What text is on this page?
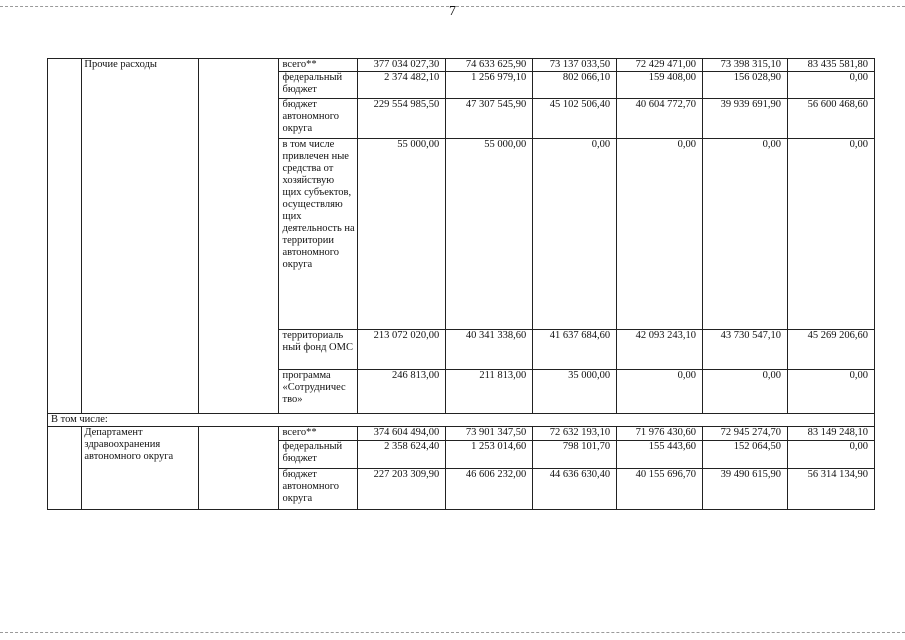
7
	Прочие расходы		всего**	377 034 027,30	74 633 625,90	73 137 033,50	72 429 471,00	73 398 315,10	83 435 581,80
			федеральный бюджет	2 374 482,10	1 256 979,10	802 066,10	159 408,00	156 028,90	0,00
			бюджет автономного округа	229 554 985,50	47 307 545,90	45 102 506,40	40 604 772,70	39 939 691,90	56 600 468,60
			в том числе привлечен ные средства от хозяйствую щих субъектов, осуществляю щих деятельность на территории автономного округа	55 000,00	55 000,00	0,00	0,00	0,00	0,00
			территориаль ный фонд ОМС	213 072 020,00	40 341 338,60	41 637 684,60	42 093 243,10	43 730 547,10	45 269 206,60
			программа «Сотрудничес тво»	246 813,00	211 813,00	35 000,00	0,00	0,00	0,00
В том числе:									
	Департамент здравоохранения автономного округа		всего**	374 604 494,00	73 901 347,50	72 632 193,10	71 976 430,60	72 945 274,70	83 149 248,10
			федеральный бюджет	2 358 624,40	1 253 014,60	798 101,70	155 443,60	152 064,50	0,00
			бюджет автономного округа	227 203 309,90	46 606 232,00	44 636 630,40	40 155 696,70	39 490 615,90	56 314 134,90
